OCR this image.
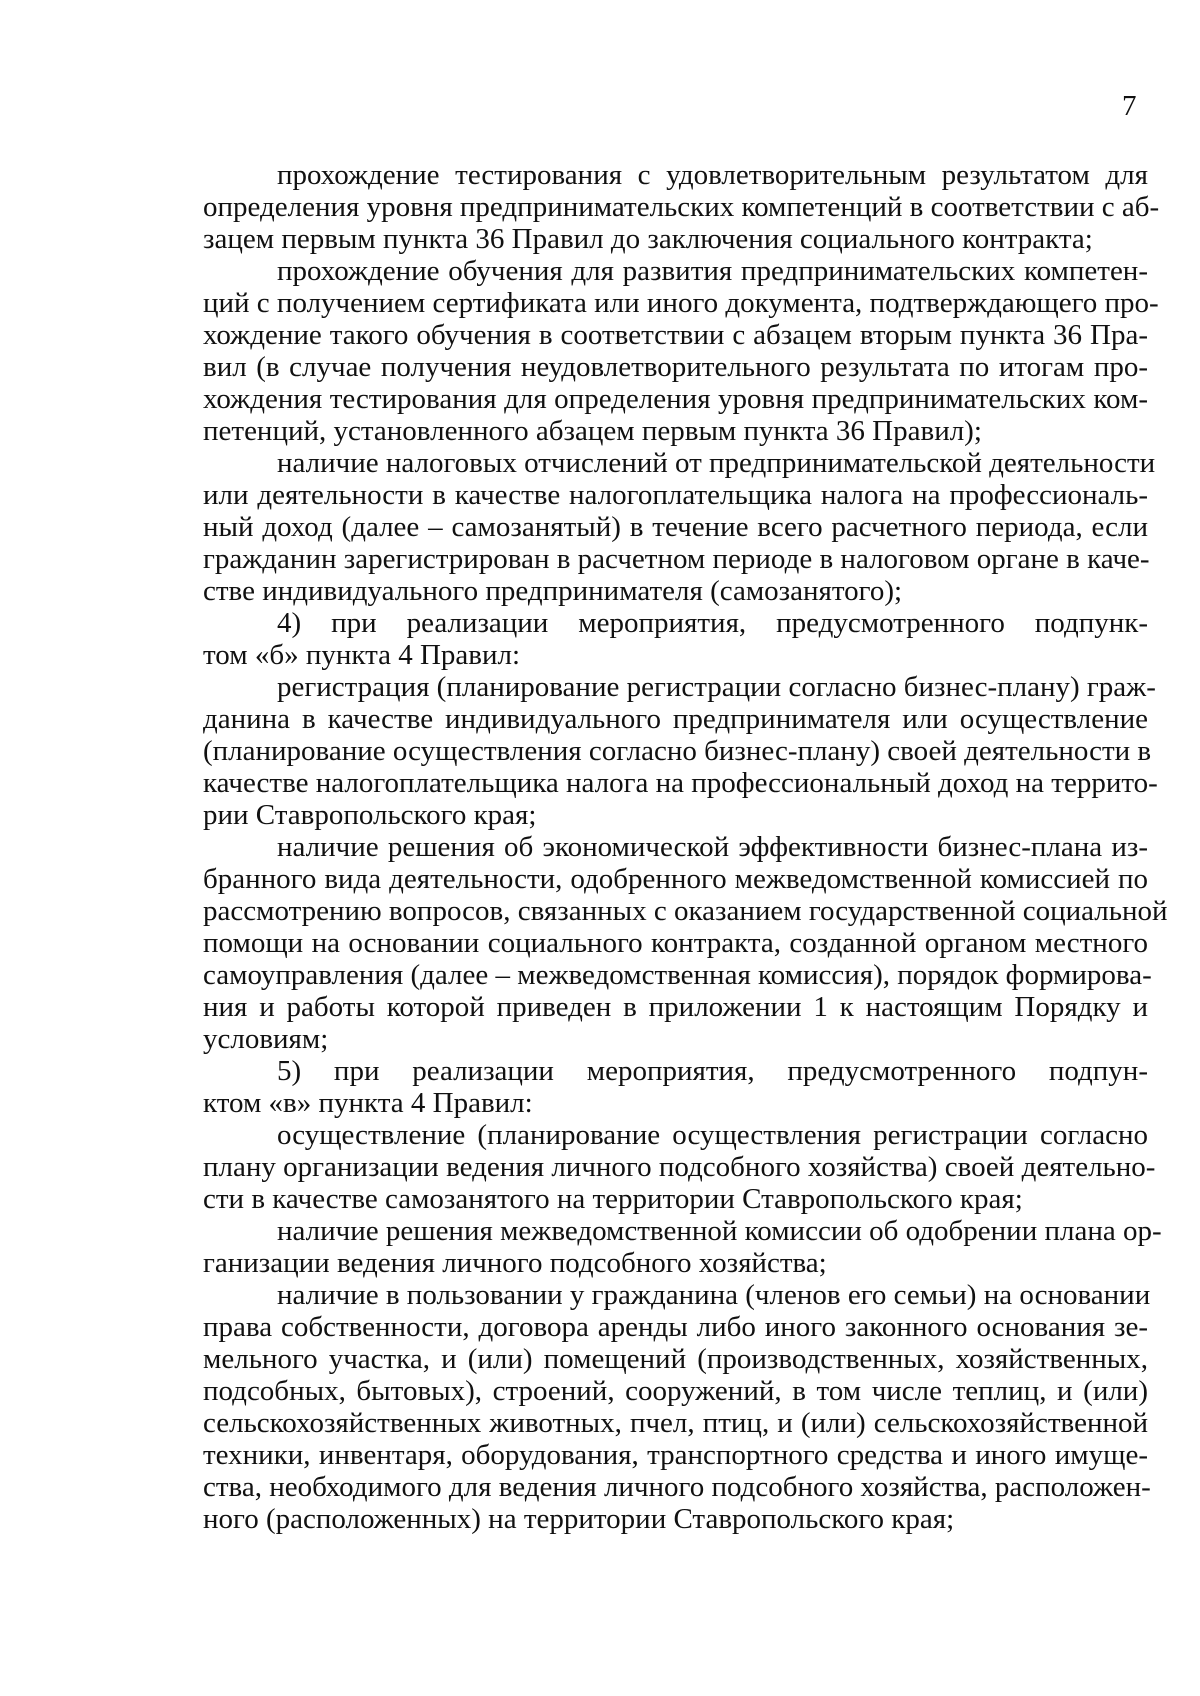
7
прохождение тестирования с удовлетворительным результатом для
определения уровня предпринимательских компетенций в соответствии с аб-
зацем первым пункта 36 Правил до заключения социального контракта;
прохождение обучения для развития предпринимательских компетен-
ций с получением сертификата или иного документа, подтверждающего про-
хождение такого обучения в соответствии с абзацем вторым пункта 36 Пра-
вил (в случае получения неудовлетворительного результата по итогам про-
хождения тестирования для определения уровня предпринимательских ком-
петенций, установленного абзацем первым пункта 36 Правил);
наличие налоговых отчислений от предпринимательской деятельности
или деятельности в качестве налогоплательщика налога на профессиональ-
ный доход (далее – самозанятый) в течение всего расчетного периода, если
гражданин зарегистрирован в расчетном периоде в налоговом органе в каче-
стве индивидуального предпринимателя (самозанятого);
4) при реализации мероприятия, предусмотренного подпунк-
том «б» пункта 4 Правил:
регистрация (планирование регистрации согласно бизнес-плану) граж-
данина в качестве индивидуального предпринимателя или осуществление
(планирование осуществления согласно бизнес-плану) своей деятельности в
качестве налогоплательщика налога на профессиональный доход на террито-
рии Ставропольского края;
наличие решения об экономической эффективности бизнес-плана из-
бранного вида деятельности, одобренного межведомственной комиссией по
рассмотрению вопросов, связанных с оказанием государственной социальной
помощи на основании социального контракта, созданной органом местного
самоуправления (далее – межведомственная комиссия), порядок формирова-
ния и работы которой приведен в приложении 1 к настоящим Порядку и
условиям;
5) при реализации мероприятия, предусмотренного подпун-
ктом «в» пункта 4 Правил:
осуществление (планирование осуществления регистрации согласно
плану организации ведения личного подсобного хозяйства) своей деятельно-
сти в качестве самозанятого на территории Ставропольского края;
наличие решения межведомственной комиссии об одобрении плана ор-
ганизации ведения личного подсобного хозяйства;
наличие в пользовании у гражданина (членов его семьи) на основании
права собственности, договора аренды либо иного законного основания зе-
мельного участка, и (или) помещений (производственных, хозяйственных,
подсобных, бытовых), строений, сооружений, в том числе теплиц, и (или)
сельскохозяйственных животных, пчел, птиц, и (или) сельскохозяйственной
техники, инвентаря, оборудования, транспортного средства и иного имуще-
ства, необходимого для ведения личного подсобного хозяйства, расположен-
ного (расположенных) на территории Ставропольского края;
